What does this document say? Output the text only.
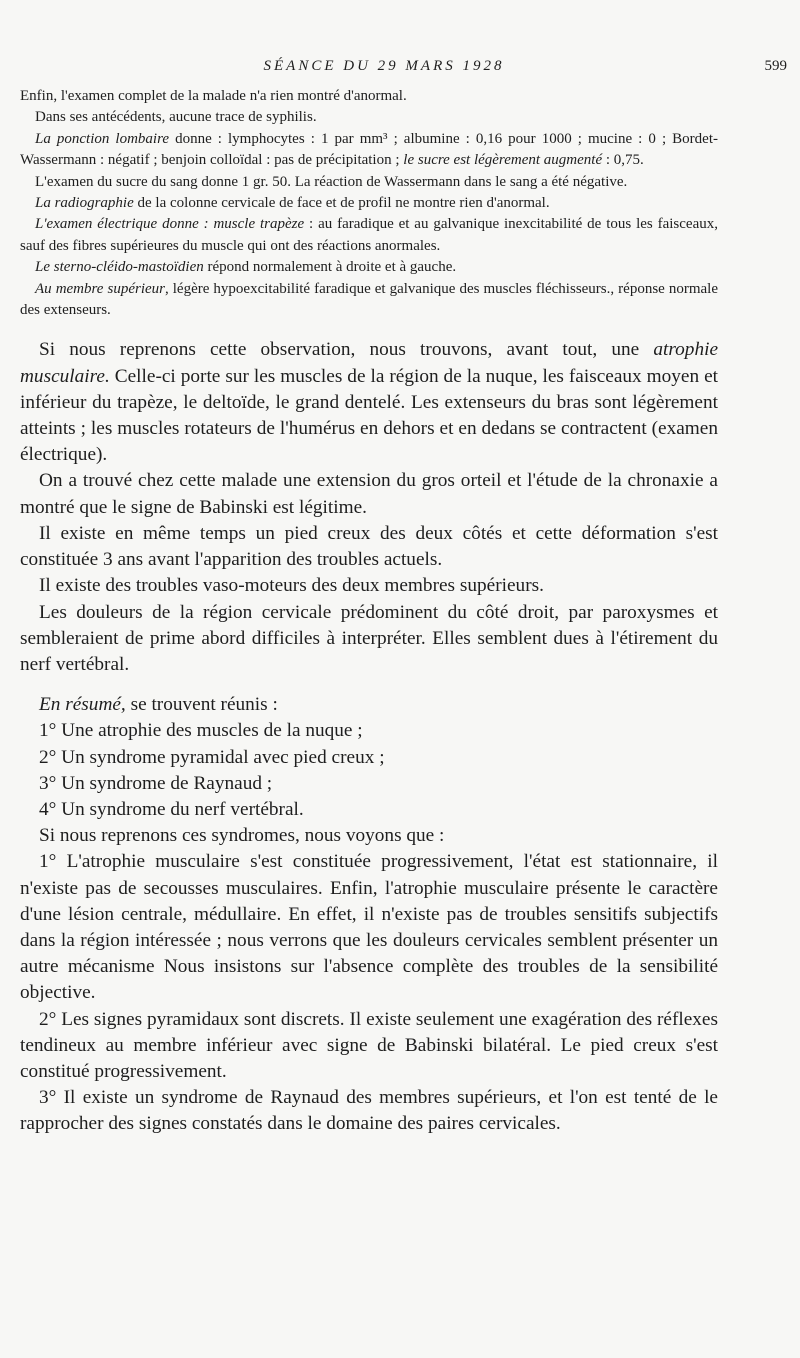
SÉANCE DU 29 MARS 1928	599

Enfin, l'examen complet de la malade n'a rien montré d'anormal.

Dans ses antécédents, aucune trace de syphilis.

La ponction lombaire donne : lymphocytes : 1 par mm³ ; albumine : 0,16 pour 1000 ; mucine : 0 ; Bordet-Wassermann : négatif ; benjoin colloïdal : pas de précipitation ; le sucre est légèrement augmenté : 0,75.

L'examen du sucre du sang donne 1 gr. 50. La réaction de Wassermann dans le sang a été négative.

La radiographie de la colonne cervicale de face et de profil ne montre rien d'anormal.

L'examen électrique donne : muscle trapèze : au faradique et au galvanique inexcitabilité de tous les faisceaux, sauf des fibres supérieures du muscle qui ont des réactions anormales.

Le sterno-cléido-mastoïdien répond normalement à droite et à gauche.

Au membre supérieur, légère hypoexcitabilité faradique et galvanique des muscles fléchisseurs., réponse normale des extenseurs.

Si nous reprenons cette observation, nous trouvons, avant tout, une atrophie musculaire. Celle-ci porte sur les muscles de la région de la nuque, les faisceaux moyen et inférieur du trapèze, le deltoïde, le grand dentelé. Les extenseurs du bras sont légèrement atteints ; les muscles rotateurs de l'humérus en dehors et en dedans se contractent (examen électrique).

On a trouvé chez cette malade une extension du gros orteil et l'étude de la chronaxie a montré que le signe de Babinski est légitime.

Il existe en même temps un pied creux des deux côtés et cette déformation s'est constituée 3 ans avant l'apparition des troubles actuels.

Il existe des troubles vaso-moteurs des deux membres supérieurs.

Les douleurs de la région cervicale prédominent du côté droit, par paroxysmes et sembleraient de prime abord difficiles à interpréter. Elles semblent dues à l'étirement du nerf vertébral.

En résumé, se trouvent réunis :

1° Une atrophie des muscles de la nuque ;

2° Un syndrome pyramidal avec pied creux ;

3° Un syndrome de Raynaud ;

4° Un syndrome du nerf vertébral.

Si nous reprenons ces syndromes, nous voyons que :

1° L'atrophie musculaire s'est constituée progressivement, l'état est stationnaire, il n'existe pas de secousses musculaires. Enfin, l'atrophie musculaire présente le caractère d'une lésion centrale, médullaire. En effet, il n'existe pas de troubles sensitifs subjectifs dans la région intéressée ; nous verrons que les douleurs cervicales semblent présenter un autre mécanisme Nous insistons sur l'absence complète des troubles de la sensibilité objective.

2° Les signes pyramidaux sont discrets. Il existe seulement une exagération des réflexes tendineux au membre inférieur avec signe de Babinski bilatéral. Le pied creux s'est constitué progressivement.

3° Il existe un syndrome de Raynaud des membres supérieurs, et l'on est tenté de le rapprocher des signes constatés dans le domaine des paires cervicales.
